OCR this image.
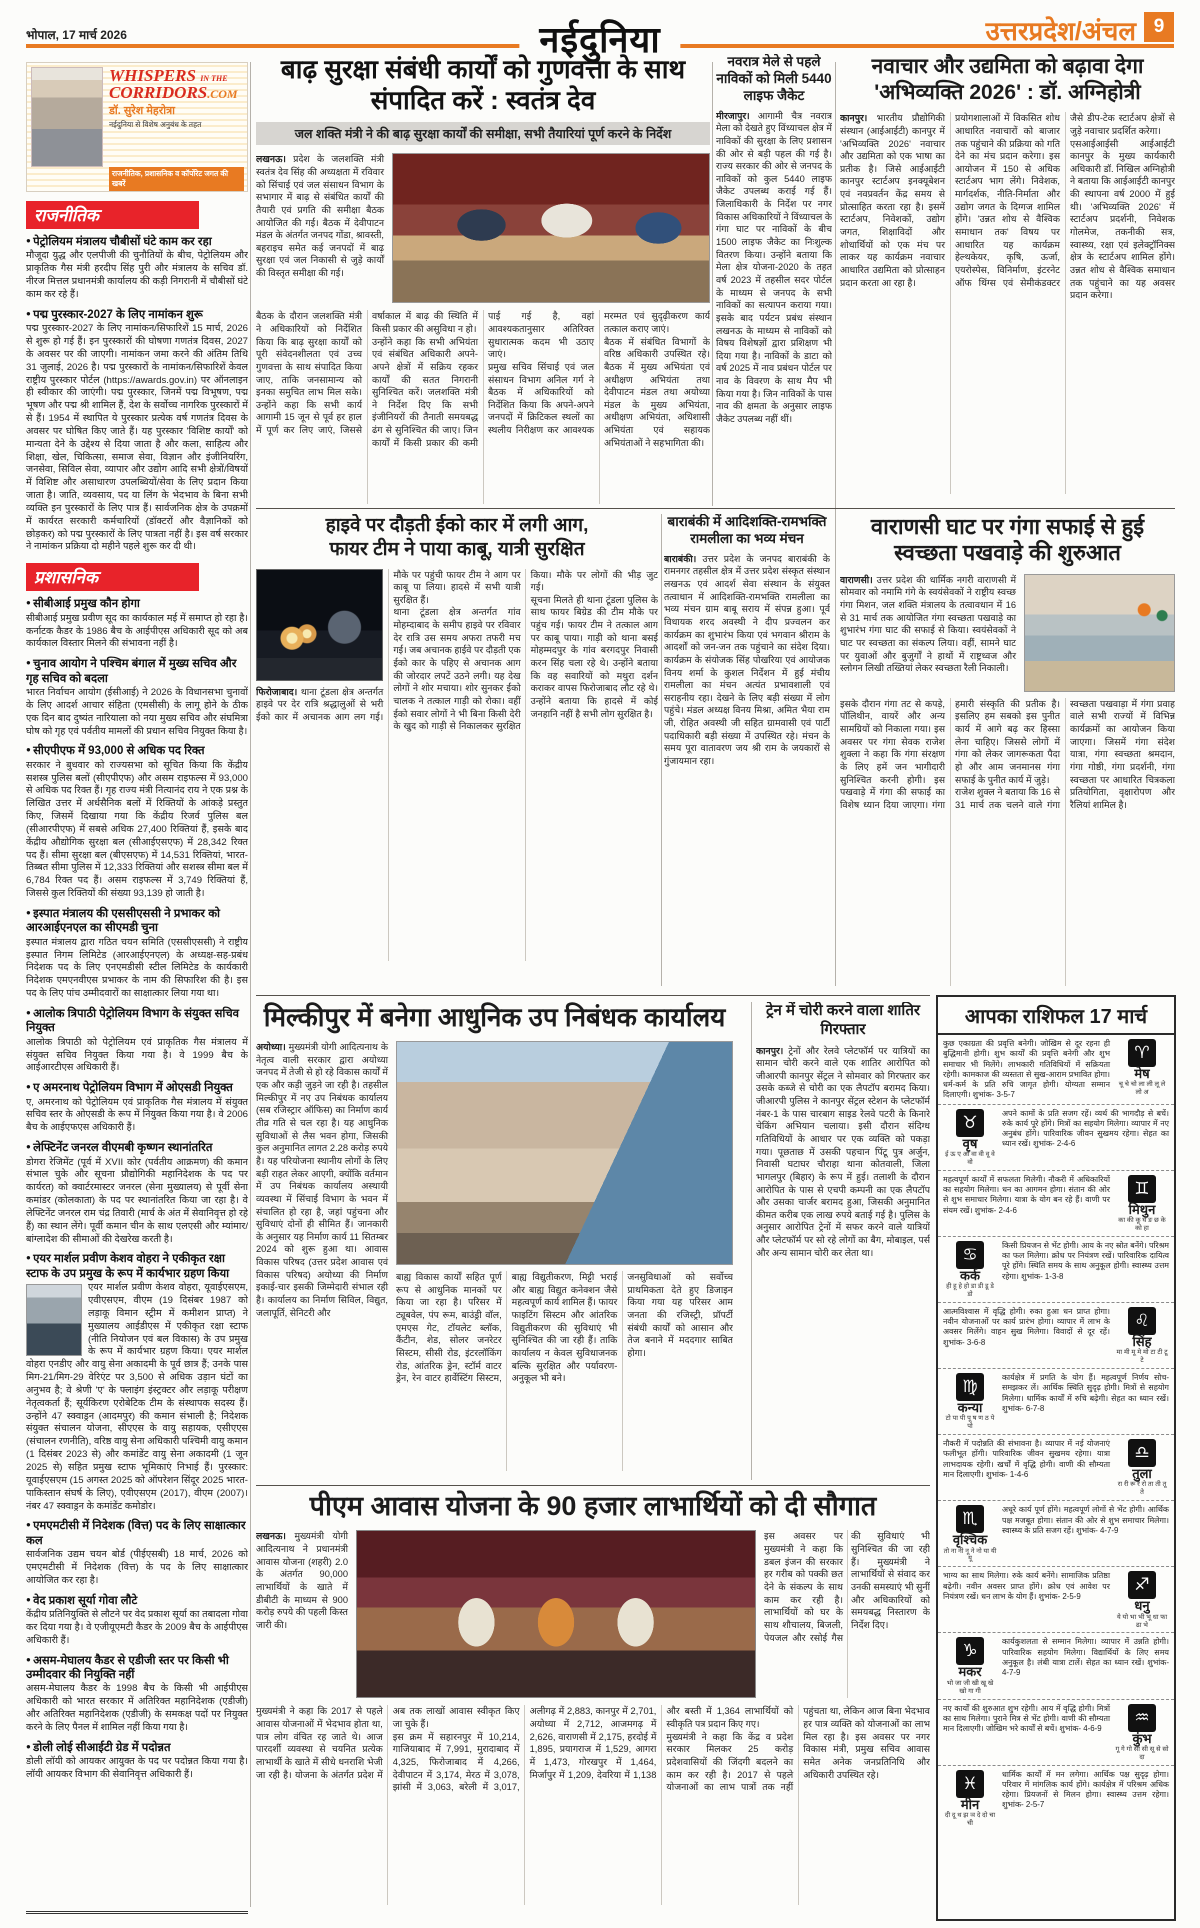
भोपाल, 17 मार्च 2026	नईदुनिया	उत्तरप्रदेश/अंचल 9
WHISPERS IN THE
CORRIDORS.COM
डॉ. सुरेश मेहरोत्रा
नईदुनिया से विशेष अनुबंध के तहत
राजनीतिक, प्रशासनिक व कॉर्पोरेट जगत की खबरें
राजनीतिक
● पेट्रोलियम मंत्रालय चौबीसों घंटे काम कर रहा
मौजूदा युद्ध और एलपीजी की चुनौतियों के बीच, पेट्रोलियम और प्राकृतिक गैस मंत्री हरदीप सिंह पुरी और मंत्रालय के सचिव डॉ. नीरज मित्तल प्रधानमंत्री कार्यालय की कड़ी निगरानी में चौबीसों घंटे काम कर रहे हैं।
● पद्म पुरस्कार-2027 के लिए नामांकन शुरू
पद्म पुरस्कार-2027 के लिए नामांकन/सिफारिशें 15 मार्च, 2026 से शुरू हो गई हैं। इन पुरस्कारों की घोषणा गणतंत्र दिवस, 2027 के अवसर पर की जाएगी। नामांकन जमा करने की अंतिम तिथि 31 जुलाई, 2026 है। पद्म पुरस्कारों के नामांकन/सिफारिशें केवल राष्ट्रीय पुरस्कार पोर्टल (https://awards.gov.in) पर ऑनलाइन ही स्वीकार की जाएंगी। पद्म पुरस्कार, जिनमें पद्म विभूषण, पद्म भूषण और पद्म श्री शामिल हैं, देश के सर्वोच्च नागरिक पुरस्कारों में से हैं। 1954 में स्थापित ये पुरस्कार प्रत्येक वर्ष गणतंत्र दिवस के अवसर पर घोषित किए जाते हैं। यह पुरस्कार 'विशिष्ट कार्यों' को मान्यता देने के उद्देश्य से दिया जाता है और कला, साहित्य और शिक्षा, खेल, चिकित्सा, समाज सेवा, विज्ञान और इंजीनियरिंग, जनसेवा, सिविल सेवा, व्यापार और उद्योग आदि सभी क्षेत्रों/विषयों में विशिष्ट और असाधारण उपलब्धियों/सेवा के लिए प्रदान किया जाता है। जाति, व्यवसाय, पद या लिंग के भेदभाव के बिना सभी व्यक्ति इन पुरस्कारों के लिए पात्र हैं। सार्वजनिक क्षेत्र के उपक्रमों में कार्यरत सरकारी कर्मचारियों (डॉक्टरों और वैज्ञानिकों को छोड़कर) को पद्म पुरस्कारों के लिए पात्रता नहीं है। इस वर्ष सरकार ने नामांकन प्रक्रिया दो महीने पहले शुरू कर दी थी।
प्रशासनिक
● सीबीआई प्रमुख कौन होगा
सीबीआई प्रमुख प्रवीण सूद का कार्यकाल मई में समाप्त हो रहा है। कर्नाटक कैडर के 1986 बैच के आईपीएस अधिकारी सूद को अब कार्यकाल विस्तार मिलने की संभावना नहीं है।
● चुनाव आयोग ने पश्चिम बंगाल में मुख्य सचिव और गृह सचिव को बदला
भारत निर्वाचन आयोग (ईसीआई) ने 2026 के विधानसभा चुनावों के लिए आदर्श आचार संहिता (एमसीसी) के लागू होने के ठीक एक दिन बाद दुष्यंत नारियाला को नया मुख्य सचिव और संघमित्रा घोष को गृह एवं पर्वतीय मामलों की प्रधान सचिव नियुक्त किया है।
● सीएपीएफ में 93,000 से अधिक पद रिक्त
सरकार ने बुधवार को राज्यसभा को सूचित किया कि केंद्रीय सशस्त्र पुलिस बलों (सीएपीएफ) और असम राइफल्स में 93,000 से अधिक पद रिक्त हैं। गृह राज्य मंत्री नित्यानंद राय ने एक प्रश्न के लिखित उत्तर में अर्धसैनिक बलों में रिक्तियों के आंकड़े प्रस्तुत किए, जिसमें दिखाया गया कि केंद्रीय रिजर्व पुलिस बल (सीआरपीएफ) में सबसे अधिक 27,400 रिक्तियां हैं, इसके बाद केंद्रीय औद्योगिक सुरक्षा बल (सीआईएसएफ) में 28,342 रिक्त पद हैं। सीमा सुरक्षा बल (बीएसएफ) में 14,531 रिक्तियां, भारत-तिब्बत सीमा पुलिस में 12,333 रिक्तियां और सशस्त्र सीमा बल में 6,784 रिक्त पद हैं। असम राइफल्स में 3,749 रिक्तियां हैं, जिससे कुल रिक्तियों की संख्या 93,139 हो जाती है।
● इस्पात मंत्रालय की एससीएससी ने प्रभाकर को आरआईएनएल का सीएमडी चुना
इस्पात मंत्रालय द्वारा गठित चयन समिति (एससीएससी) ने राष्ट्रीय इस्पात निगम लिमिटेड (आरआईएनएल) के अध्यक्ष-सह-प्रबंध निदेशक पद के लिए एनएमडीसी स्टील लिमिटेड के कार्यकारी निदेशक एमएनवीएस प्रभाकर के नाम की सिफारिश की है। इस पद के लिए पांच उम्मीदवारों का साक्षात्कार लिया गया था।
● आलोक त्रिपाठी पेट्रोलियम विभाग के संयुक्त सचिव नियुक्त
आलोक त्रिपाठी को पेट्रोलियम एवं प्राकृतिक गैस मंत्रालय में संयुक्त सचिव नियुक्त किया गया है। वे 1999 बैच के आईआरटीएस अधिकारी हैं।
● ए अमरनाथ पेट्रोलियम विभाग में ओएसडी नियुक्त
ए, अमरनाथ को पेट्रोलियम एवं प्राकृतिक गैस मंत्रालय में संयुक्त सचिव स्तर के ओएसडी के रूप में नियुक्त किया गया है। वे 2006 बैच के आईएफएस अधिकारी हैं।
● लेफ्टिनेंट जनरल वीएमबी कृष्णन स्थानांतरित
डोगरा रेजिमेंट (पूर्व में XVII कोर (पर्वतीय आक्रमण) की कमान संभाल चुके और सूचना प्रौद्योगिकी महानिदेशक के पद पर कार्यरत) को क्वार्टरमास्टर जनरल (सेना मुख्यालय) से पूर्वी सेना कमांडर (कोलकाता) के पद पर स्थानांतरित किया जा रहा है। वे लेफ्टिनेंट जनरल राम चंद्र तिवारी (मार्च के अंत में सेवानिवृत्त हो रहे हैं) का स्थान लेंगे। पूर्वी कमान चीन के साथ एलएसी और म्यांमार/बांग्लादेश की सीमाओं की देखरेख करती है।
● एयर मार्शल प्रवीण केशव वोहरा ने एकीकृत रक्षा स्टाफ के उप प्रमुख के रूप में कार्यभार ग्रहण किया
एयर मार्शल प्रवीण केशव वोहरा, यूवाईएसएम, एवीएसएम, वीएम (19 दिसंबर 1987 को लड़ाकू विमान स्ट्रीम में कमीशन प्राप्त) ने मुख्यालय आईडीएस में एकीकृत रक्षा स्टाफ (नीति नियोजन एवं बल विकास) के उप प्रमुख के रूप में कार्यभार ग्रहण किया। एयर मार्शल वोहरा एनडीए और वायु सेना अकादमी के पूर्व छात्र हैं; उनके पास मिग-21/मिग-29 वेरिएंट पर 3,500 से अधिक उड़ान घंटों का अनुभव है; वे श्रेणी 'ए' के फ्लाइंग इंस्ट्रक्टर और लड़ाकू परीक्षण नेतृत्वकर्ता हैं; सूर्यकिरण एरोबेटिक टीम के संस्थापक सदस्य हैं। उन्होंने 47 स्क्वाड्रन (आदमपुर) की कमान संभाली है; निदेशक संयुक्त संचालन योजना, सीएएस के वायु सहायक, एसीएएस (संचालन रणनीति), वरिष्ठ वायु सेना अधिकारी पश्चिमी वायु कमान (1 दिसंबर 2023 से) और कमांडेंट वायु सेना अकादमी (1 जून 2025 से) सहित प्रमुख स्टाफ भूमिकाएं निभाई हैं। पुरस्कार: यूवाईएसएम (15 अगस्त 2025 को ऑपरेशन सिंदूर 2025 भारत-पाकिस्तान संघर्ष के लिए), एवीएसएम (2017), वीएम (2007)। नंबर 47 स्क्वाड्रन के कमांडेंट कमोडोर।
● एमएमटीसी में निदेशक (वित्त) पद के लिए साक्षात्कार कल
सार्वजनिक उद्यम चयन बोर्ड (पीईएसबी) 18 मार्च, 2026 को एमएमटीसी में निदेशक (वित्त) के पद के लिए साक्षात्कार आयोजित कर रहा है।
● वेद प्रकाश सूर्या गोवा लौटे
केंद्रीय प्रतिनियुक्ति से लौटने पर वेद प्रकाश सूर्या का तबादला गोवा कर दिया गया है। वे एजीयूएमटी कैडर के 2009 बैच के आईपीएस अधिकारी हैं।
● असम-मेघालय कैडर से एडीजी स्तर पर किसी भी उम्मीदवार की नियुक्ति नहीं
असम-मेघालय कैडर के 1998 बैच के किसी भी आईपीएस अधिकारी को भारत सरकार में अतिरिक्त महानिदेशक (एडीजी) और अतिरिक्त महानिदेशक (एडीजी) के समकक्ष पदों पर नियुक्त करने के लिए पैनल में शामिल नहीं किया गया है।
● डोली लोई सीआईटी ग्रेड में पदोन्नत
डोली लॉयी को आयकर आयुक्त के पद पर पदोन्नत किया गया है। लॉयी आयकर विभाग की सेवानिवृत्त अधिकारी हैं।
बाढ़ सुरक्षा संबंधी कार्यों को गुणवत्ता के साथ संपादित करें : स्वतंत्र देव
जल शक्ति मंत्री ने की बाढ़ सुरक्षा कार्यों की समीक्षा, सभी तैयारियां पूर्ण करने के निर्देश

लखनऊ। प्रदेश के जलशक्ति मंत्री स्वतंत्र देव सिंह की अध्यक्षता में रविवार को सिंचाई एवं जल संसाधन विभाग के सभागार में बाढ़ से संबंधित कार्यों की तैयारी एवं प्रगति की समीक्षा बैठक आयोजित की गई। बैठक में देवीपाटन मंडल के अंतर्गत जनपद गोंडा, श्रावस्ती, बहराइच समेत कई जनपदों में बाढ़ सुरक्षा एवं जल निकासी से जुड़े कार्यों की विस्तृत समीक्षा की गई।

बैठक के दौरान जलशक्ति मंत्री ने अधिकारियों को निर्देशित किया कि बाढ़ सुरक्षा कार्यों को पूरी संवेदनशीलता एवं उच्च गुणवत्ता के साथ संपादित किया जाए, ताकि जनसामान्य को इनका समुचित लाभ मिल सके। उन्होंने कहा कि सभी कार्य आगामी 15 जून से पूर्व हर हाल में पूर्ण कर लिए जाएं, जिससे वर्षाकाल में बाढ़ की स्थिति में किसी प्रकार की असुविधा न हो।

उन्होंने कहा कि सभी अभियंता एवं संबंधित अधिकारी अपने-अपने क्षेत्रों में सक्रिय रहकर कार्यों की सतत निगरानी सुनिश्चित करें। जलशक्ति मंत्री ने निर्देश दिए कि सभी इंजीनियरों की तैनाती समयबद्ध ढंग से सुनिश्चित की जाए। जिन कार्यों में किसी प्रकार की कमी पाई गई है, वहां आवश्यकतानुसार अतिरिक्त सुधारात्मक कदम भी उठाए जाएं।

प्रमुख सचिव सिंचाई एवं जल संसाधन विभाग अनिल गर्ग ने बैठक में अधिकारियों को निर्देशित किया कि अपने-अपने जनपदों में क्रिटिकल स्थलों का स्थलीय निरीक्षण कर आवश्यक मरम्मत एवं सुदृढ़ीकरण कार्य तत्काल कराए जाएं।

बैठक में संबंधित विभागों के वरिष्ठ अधिकारी उपस्थित रहे। बैठक में मुख्य अभियंता एवं अधीक्षण अभियंता तथा देवीपाटन मंडल तथा अयोध्या मंडल के मुख्य अभियंता, अधीक्षण अभियंता, अधिशासी अभियंता एवं सहायक अभियंताओं ने सहभागिता की।

नवरात्र मेले से पहले नाविकों को मिली 5440 लाइफ जैकेट

मीरजापुर। आगामी चैत्र नवरात्र मेला को देखते हुए विंध्याचल क्षेत्र में नाविकों की सुरक्षा के लिए प्रशासन की ओर से बड़ी पहल की गई है। राज्य सरकार की ओर से जनपद के नाविकों को कुल 5440 लाइफ जैकेट उपलब्ध कराई गई हैं। जिलाधिकारी के निर्देश पर नगर विकास अधिकारियों ने विंध्याचल के गंगा घाट पर नाविकों के बीच 1500 लाइफ जैकेट का निःशुल्क वितरण किया। उन्होंने बताया कि मेला क्षेत्र योजना-2020 के तहत वर्ष 2023 में तहसील सदर पोर्टल के माध्यम से जनपद के सभी नाविकों का सत्यापन कराया गया। इसके बाद पर्यटन प्रबंध संस्थान लखनऊ के माध्यम से नाविकों को विषय विशेषज्ञों द्वारा प्रशिक्षण भी दिया गया है। नाविकों के डाटा को वर्ष 2025 में नाव प्रबंधन पोर्टल पर नाव के विवरण के साथ मैप भी किया गया है। जिन नाविकों के पास नाव की क्षमता के अनुसार लाइफ जैकेट उपलब्ध नहीं थीं।

नवाचार और उद्यमिता को बढ़ावा देगा 'अभिव्यक्ति 2026' : डॉ. अग्निहोत्री

कानपुर। भारतीय प्रौद्योगिकी संस्थान (आईआईटी) कानपुर में 'अभिव्यक्ति 2026' नवाचार और उद्यमिता को एक भाषा का प्रतीक है। जिसे आईआईटी कानपुर स्टार्टअप इनक्यूबेशन एवं नवप्रवर्तन केंद्र समय से प्रोत्साहित करता रहा है। इसमें स्टार्टअप, निवेशकों, उद्योग जगत, शिक्षाविदों और शोधार्थियों को एक मंच पर लाकर यह कार्यक्रम नवाचार आधारित उद्यमिता को प्रोत्साहन प्रदान करता आ रहा है।

प्रयोगशालाओं में विकसित शोध आधारित नवाचारों को बाजार तक पहुंचाने की प्रक्रिया को गति देने का मंच प्रदान करेगा। इस आयोजन में 150 से अधिक स्टार्टअप भाग लेंगे। निवेशक, मार्गदर्शक, नीति-निर्माता और उद्योग जगत के दिग्गज शामिल होंगे। 'उन्नत शोध से वैश्विक समाधान तक' विषय पर आधारित यह कार्यक्रम हेल्थकेयर, कृषि, ऊर्जा, एयरोस्पेस, विनिर्माण, इंटरनेट ऑफ थिंग्स एवं सेमीकंडक्टर जैसे डीप-टेक स्टार्टअप क्षेत्रों से जुड़े नवाचार प्रदर्शित करेगा।

एसआईआईसी आईआईटी कानपुर के मुख्य कार्यकारी अधिकारी डॉ. निखिल अग्निहोत्री ने बताया कि आईआईटी कानपुर की स्थापना वर्ष 2000 में हुई थी। 'अभिव्यक्ति 2026' में स्टार्टअप प्रदर्शनी, निवेशक गोलमेज, तकनीकी सत्र, स्वास्थ्य, रक्षा एवं इलेक्ट्रॉनिक्स क्षेत्र के स्टार्टअप शामिल होंगे। उन्नत शोध से वैश्विक समाधान तक पहुंचाने का यह अवसर प्रदान करेगा।

हाइवे पर दौड़ती ईको कार में लगी आग,
फायर टीम ने पाया काबू, यात्री सुरक्षित

फिरोजाबाद। थाना टूंडला क्षेत्र अन्तर्गत हाइवे पर देर रात्रि श्रद्धालुओं से भरी ईको कार में अचानक आग लग गई। मौके पर पहुंची फायर टीम ने आग पर काबू पा लिया। हादसे में सभी यात्री सुरक्षित हैं।

थाना टूंडला क्षेत्र अन्तर्गत गांव मोहम्दाबाद के समीप हाइवे पर रविवार देर रात्रि उस समय अफरा तफरी मच गई। जब अचानक हाईवे पर दौड़ती एक ईको कार के पहिए से अचानक आग की जोरदार लपटें उठने लगी। यह देख लोगों ने शोर मचाया। शोर सुनकर ईको चालक ने तत्काल गाड़ी को रोका। वहीं ईको सवार लोगों ने भी बिना किसी देरी के खुद को गाड़ी से निकालकर सुरक्षित किया। मौके पर लोगों की भीड़ जुट गई।

सूचना मिलते ही थाना टूंडला पुलिस के साथ फायर बिग्रेड की टीम मौके पर पहुंच गई। फायर टीम ने तत्काल आग पर काबू पाया। गाड़ी को थाना बसई मोहम्मदपुर के गांव बरगदपुर निवासी करन सिंह चला रहे थे। उन्होंने बताया कि वह सवारियों को मथुरा दर्शन कराकर वापस फिरोजाबाद लौट रहे थे। उन्होंने बताया कि हादसे में कोई जनहानि नहीं है सभी लोग सुरक्षित है।

बाराबंकी में आदिशक्ति-रामभक्ति रामलीला का भव्य मंचन

बाराबंकी। उत्तर प्रदेश के जनपद बाराबंकी के रामनगर तहसील क्षेत्र में उत्तर प्रदेश संस्कृत संस्थान लखनऊ एवं आदर्श सेवा संस्थान के संयुक्त तत्वाधान में आदिशक्ति-रामभक्ति रामलीला का भव्य मंचन ग्राम बाबू सराय में संपन्न हुआ। पूर्व विधायक शरद अवस्थी ने दीप प्रज्वलन कर कार्यक्रम का शुभारंभ किया एवं भगवान श्रीराम के आदर्शों को जन-जन तक पहुंचाने का संदेश दिया। कार्यक्रम के संयोजक सिंह पोखरिया एवं आयोजक विनय शर्मा के कुशल निर्देशन में हुई मंचीय रामलीला का मंचन अत्यंत प्रभावशाली एवं सराहनीय रहा। देखने के लिए बड़ी संख्या में लोग पहुंचे। मंडल अध्यक्ष विनय मिश्रा, अमित भैया राम जी, रोहित अवस्थी जी सहित ग्रामवासी एवं पार्टी पदाधिकारी बड़ी संख्या में उपस्थित रहे। मंचन के समय पूरा वातावरण जय श्री राम के जयकारों से गुंजायमान रहा।

वाराणसी घाट पर गंगा सफाई से हुई स्वच्छता पखवाड़े की शुरुआत

वाराणसी। उत्तर प्रदेश की धार्मिक नगरी वाराणसी में सोमवार को नमामि गंगे के स्वयंसेवकों ने राष्ट्रीय स्वच्छ गंगा मिशन, जल शक्ति मंत्रालय के तत्वावधान में 16 से 31 मार्च तक आयोजित गंगा स्वच्छता पखवाड़े का शुभारंभ गंगा घाट की सफाई से किया। स्वयंसेवकों ने घाट पर स्वच्छता का संकल्प लिया। वहीं, सामने घाट पर युवाओं और बुजुर्गों ने हाथों में राष्ट्रध्वज और स्लोगन लिखी तख्तियां लेकर स्वच्छता रैली निकाली।

इसके दौरान गंगा तट से कपड़े, पॉलिथीन, वायरें और अन्य सामग्रियों को निकाला गया। इस अवसर पर गंगा सेवक राजेश शुक्ला ने कहा कि गंगा संरक्षण के लिए हमें जन भागीदारी सुनिश्चित करनी होगी। इस पखवाड़े में गंगा की सफाई का विशेष ध्यान दिया जाएगा। गंगा हमारी संस्कृति की प्रतीक है। इसलिए हम सबको इस पुनीत कार्य में आगे बढ़ कर हिस्सा लेना चाहिए। जिससे लोगों में गंगा को लेकर जागरूकता पैदा हो और आम जनमानस गंगा सफाई के पुनीत कार्य में जुड़े।

राजेश शुक्ल ने बताया कि 16 से 31 मार्च तक चलने वाले गंगा स्वच्छता पखवाड़ा में गंगा प्रवाह वाले सभी राज्यों में विभिन्न कार्यक्रमों का आयोजन किया जाएगा। जिसमें गंगा संदेश यात्रा, गंगा स्वच्छता श्रमदान, गंगा गोष्ठी, गंगा प्रदर्शनी, गंगा स्वच्छता पर आधारित चित्रकला प्रतियोगिता, वृक्षारोपण और रैलियां शामिल है।

मिल्कीपुर में बनेगा आधुनिक उप निबंधक कार्यालय

अयोध्या। मुख्यमंत्री योगी आदित्यनाथ के नेतृत्व वाली सरकार द्वारा अयोध्या जनपद में तेजी से हो रहे विकास कार्यों में एक और कड़ी जुड़ने जा रही है। तहसील मिल्कीपुर में नए उप निबंधक कार्यालय (सब रजिस्ट्रार ऑफिस) का निर्माण कार्य तीव्र गति से चल रहा है। यह आधुनिक सुविधाओं से लैस भवन होगा, जिसकी कुल अनुमानित लागत 2.28 करोड़ रुपये है। यह परियोजना स्थानीय लोगों के लिए बड़ी राहत लेकर आएगी, क्योंकि वर्तमान में उप निबंधक कार्यालय अस्थायी व्यवस्था में सिंचाई विभाग के भवन में संचालित हो रहा है, जहां पहुंचना और सुविधाएं दोनों ही सीमित हैं। जानकारी के अनुसार यह निर्माण कार्य 11 सितम्बर 2024 को शुरू हुआ था। आवास विकास परिषद (उत्तर प्रदेश आवास एवं विकास परिषद) अयोध्या की निर्माण इकाई-चार इसकी जिम्मेदारी संभाल रही है। कार्यालय का निर्माण सिविल, विद्युत, जलापूर्ति, सेनिटरी और

बाह्य विकास कार्यों सहित पूर्ण रूप से आधुनिक मानकों पर किया जा रहा है। परिसर में ट्यूबवेल, पंप रूम, बाउंड्री वॉल, एमएस गेट, टॉयलेट ब्लॉक, कैंटीन, शेड, सोलर जनरेटर सिस्टम, सीसी रोड, इंटरलॉकिंग रोड, आंतरिक ड्रेन, स्टॉर्म वाटर ड्रेन, रेन वाटर हार्वेस्टिंग सिस्टम, बाह्य विद्युतीकरण, मिट्टी भराई और बाह्य विद्युत कनेक्शन जैसे महत्वपूर्ण कार्य शामिल हैं। फायर

फाइटिंग सिस्टम और आंतरिक विद्युतीकरण की सुविधाएं भी सुनिश्चित की जा रही हैं। ताकि कार्यालय न केवल सुविधाजनक बल्कि सुरक्षित और पर्यावरण-अनुकूल भी बने।

जनसुविधाओं को सर्वोच्च प्राथमिकता देते हुए डिजाइन किया गया यह परिसर आम जनता की रजिस्ट्री, प्रॉपर्टी संबंधी कार्यों को आसान और तेज बनाने में मददगार साबित होगा।

ट्रेन में चोरी करने वाला शातिर गिरफ्तार

कानपुर। ट्रेनों और रेलवे प्लेटफॉर्म पर यात्रियों का सामान चोरी करने वाले एक शातिर आरोपित को जीआरपी कानपुर सेंट्रल ने सोमवार को गिरफ्तार कर उसके कब्जे से चोरी का एक लैपटॉप बरामद किया। जीआरपी पुलिस ने कानपुर सेंट्रल स्टेशन के प्लेटफॉर्म नंबर-1 के पास चारबाग साइड रेलवे पटरी के किनारे चेकिंग अभियान चलाया। इसी दौरान संदिग्ध गतिविधियों के आधार पर एक व्यक्ति को पकड़ा गया। पूछताछ में उसकी पहचान पिंटू पुत्र अर्जुन, निवासी घटाघर चौराहा थाना कोतवाली, जिला भागलपुर (बिहार) के रूप में हुई। तलाशी के दौरान आरोपित के पास से एचपी कम्पनी का एक लैपटॉप और उसका चार्जर बरामद हुआ, जिसकी अनुमानित कीमत करीब एक लाख रुपये बताई गई है। पुलिस के अनुसार आरोपित ट्रेनों में सफर करने वाले यात्रियों और प्लेटफॉर्म पर सो रहे लोगों का बैग, मोबाइल, पर्स और अन्य सामान चोरी कर लेता था।

पीएम आवास योजना के 90 हजार लाभार्थियों को दी सौगात

लखनऊ। मुख्यमंत्री योगी आदित्यनाथ ने प्रधानमंत्री आवास योजना (शहरी) 2.0 के अंतर्गत 90,000 लाभार्थियों के खाते में डीबीटी के माध्यम से 900 करोड़ रुपये की पहली किस्त जारी की।

इस अवसर पर मुख्यमंत्री ने कहा कि डबल इंजन की सरकार हर गरीब को पक्की छत देने के संकल्प के साथ काम कर रही है। लाभार्थियों को घर के साथ शौचालय, बिजली, पेयजल और रसोई गैस की सुविधाएं भी सुनिश्चित की जा रही हैं। मुख्यमंत्री ने लाभार्थियों से संवाद कर उनकी समस्याएं भी सुनीं और अधिकारियों को समयबद्ध निस्तारण के निर्देश दिए।

मुख्यमंत्री ने कहा कि 2017 से पहले आवास योजनाओं में भेदभाव होता था, पात्र लोग वंचित रह जाते थे। आज पारदर्शी व्यवस्था से चयनित प्रत्येक लाभार्थी के खाते में सीधे धनराशि भेजी जा रही है। योजना के अंतर्गत प्रदेश में अब तक लाखों आवास स्वीकृत किए जा चुके हैं।

इस क्रम में सहारनपुर में 10,214, गाजियाबाद में 7,991, मुरादाबाद में 4,325, फिरोजाबाद में 4,266, देवीपाटन में 3,174, मेरठ में 3,078, झांसी में 3,063, बरेली में 3,017, अलीगढ़ में 2,883, कानपुर में 2,701, अयोध्या में 2,712, आजमगढ़ में 2,626, वाराणसी में 2,175, हरदोई में 1,895, प्रयागराज में 1,529, आगरा में 1,473, गोरखपुर में 1,464, मिर्जापुर में 1,209, देवरिया में 1,138 और बस्ती में 1,364 लाभार्थियों को स्वीकृति पत्र प्रदान किए गए।

मुख्यमंत्री ने कहा कि केंद्र व प्रदेश सरकार मिलकर 25 करोड़ प्रदेशवासियों की जिंदगी बदलने का काम कर रही है। 2017 से पहले योजनाओं का लाभ पात्रों तक नहीं पहुंचता था, लेकिन आज बिना भेदभाव हर पात्र व्यक्ति को योजनाओं का लाभ मिल रहा है। इस अवसर पर नगर विकास मंत्री, प्रमुख सचिव आवास समेत अनेक जनप्रतिनिधि और अधिकारी उपस्थित रहे।

आपका राशिफल 17 मार्च
♈
मेष
चू चे चो ला ली लू ले लो अ
कुछ एकाग्रता की प्रवृत्ति बनेगी। जोखिम से दूर रहना ही बुद्धिमानी होगी। शुभ कार्यों की प्रवृत्ति बनेगी और शुभ समाचार भी मिलेंगे। लाभकारी गतिविधियों में सक्रियता रहेगी। कामकाज की व्यस्तता से सुख-आराम प्रभावित होगा। धर्म-कर्म के प्रति रुचि जागृत होगी। योग्यता सम्मान दिलाएगी। शुभांक- 3-5-7
♉
वृष
ई ऊ ए ओ वा वी वू वे वो
अपने कामों के प्रति सजग रहें। व्यर्थ की भागदौड़ से बचें। रुके कार्य पूरे होंगे। मित्रों का सहयोग मिलेगा। व्यापार में नए अनुबंध होंगे। पारिवारिक जीवन सुखमय रहेगा। सेहत का ध्यान रखें। शुभांक- 2-4-6
♊
मिथुन
का की कू घ ङ छ के को हा
महत्वपूर्ण कार्यों में सफलता मिलेगी। नौकरी में अधिकारियों का सहयोग मिलेगा। धन का आगमन होगा। संतान की ओर से शुभ समाचार मिलेगा। यात्रा के योग बन रहे हैं। वाणी पर संयम रखें। शुभांक- 2-4-6
♋
कर्क
ही हू हे हो डा डी डू डे डो
किसी प्रियजन से भेंट होगी। आय के नए स्रोत बनेंगे। परिश्रम का फल मिलेगा। क्रोध पर नियंत्रण रखें। पारिवारिक दायित्व पूरे होंगे। स्थिति समय के साथ अनुकूल होगी। स्वास्थ्य उत्तम रहेगा। शुभांक- 1-3-8
♌
सिंह
मा मी मू मे मो टा टी टू टे
आत्मविश्वास में वृद्धि होगी। रुका हुआ धन प्राप्त होगा। नवीन योजनाओं पर कार्य प्रारंभ होगा। व्यापार में लाभ के अवसर मिलेंगे। वाहन सुख मिलेगा। विवादों से दूर रहें। शुभांक- 3-6-8
♍
कन्या
टो पा पी पू ष ण ठ पे पो
कार्यक्षेत्र में प्रगति के योग हैं। महत्वपूर्ण निर्णय सोच-समझकर लें। आर्थिक स्थिति सुदृढ़ होगी। मित्रों से सहयोग मिलेगा। धार्मिक कार्यों में रुचि बढ़ेगी। सेहत का ध्यान रखें। शुभांक- 6-7-8
♎
तुला
रा री रू रे रो ता ती तू ते
नौकरी में पदोन्नति की संभावना है। व्यापार में नई योजनाएं फलीभूत होंगी। पारिवारिक जीवन सुखमय रहेगा। यात्रा लाभदायक रहेगी। खर्चों में वृद्धि होगी। वाणी की सौम्यता मान दिलाएगी। शुभांक- 1-4-6
♏
वृश्चिक
तो ना नी नू ने नो या यी यू
अधूरे कार्य पूर्ण होंगे। महत्वपूर्ण लोगों से भेंट होगी। आर्थिक पक्ष मजबूत होगा। संतान की ओर से शुभ समाचार मिलेगा। स्वास्थ्य के प्रति सजग रहें। शुभांक- 4-7-9
♐
धनु
ये यो भा भी भू धा फा ढा भे
भाग्य का साथ मिलेगा। रुके कार्य बनेंगे। सामाजिक प्रतिष्ठा बढ़ेगी। नवीन अवसर प्राप्त होंगे। क्रोध एवं आवेश पर नियंत्रण रखें। धन लाभ के योग हैं। शुभांक- 2-5-9
♑
मकर
भो जा जी खी खू खे खो गा गी
कार्यकुशलता से सम्मान मिलेगा। व्यापार में उन्नति होगी। पारिवारिक सहयोग मिलेगा। विद्यार्थियों के लिए समय अनुकूल है। लंबी यात्रा टालें। सेहत का ध्यान रखें। शुभांक- 4-7-9
♒
कुंभ
गू गे गो सा सी सू से सो दा
नए कार्यों की शुरुआत शुभ रहेगी। आय में वृद्धि होगी। मित्रों का साथ मिलेगा। पुराने मित्र से भेंट होगी। वाणी की सौम्यता मान दिलाएगी। जोखिम भरे कार्यों से बचें। शुभांक- 4-6-9
♓
मीन
दी दू थ झ ञ दे दो चा ची
धार्मिक कार्यों में मन लगेगा। आर्थिक पक्ष सुदृढ़ होगा। परिवार में मांगलिक कार्य होंगे। कार्यक्षेत्र में परिश्रम अधिक रहेगा। प्रियजनों से मिलन होगा। स्वास्थ्य उत्तम रहेगा। शुभांक- 2-5-7
